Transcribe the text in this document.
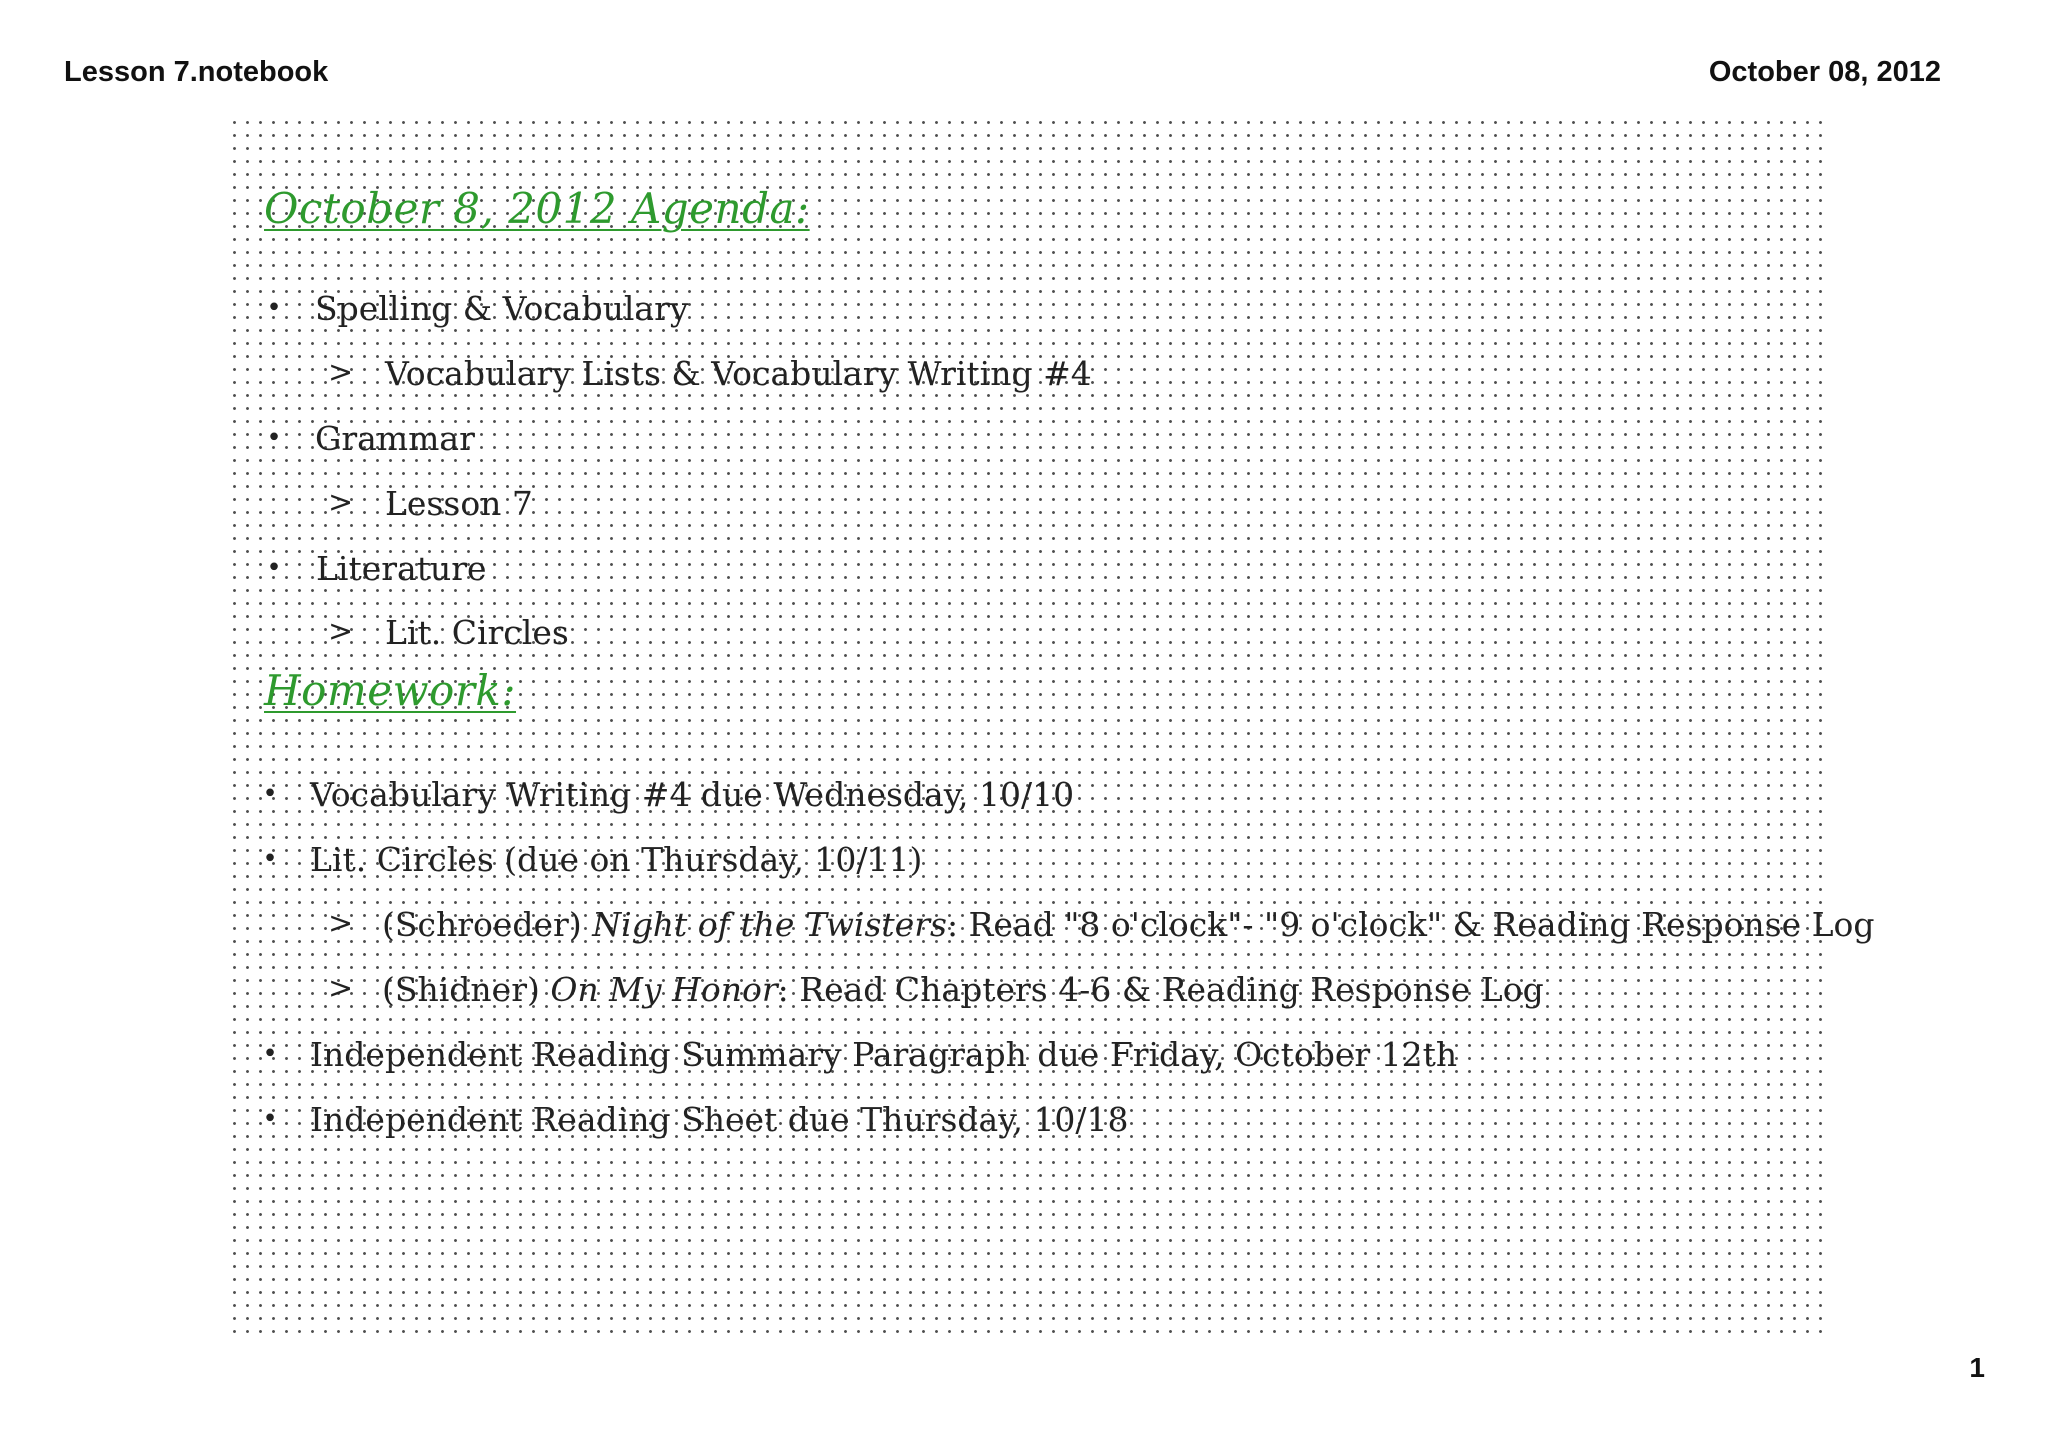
Lesson 7.notebook	October 08, 2012
October 8, 2012 Agenda:
• Spelling & Vocabulary
> Vocabulary Lists & Vocabulary Writing #4
• Grammar
> Lesson 7
• Literature
> Lit. Circles
Homework:
• Vocabulary Writing #4 due Wednesday, 10/10
• Lit. Circles (due on Thursday, 10/11)
> (Schroeder) Night of the Twisters: Read "8 o'clock"- "9 o'clock" & Reading Response Log
> (Shidner) On My Honor: Read Chapters 4-6 & Reading Response Log
• Independent Reading Summary Paragraph due Friday, October 12th
• Independent Reading Sheet due Thursday, 10/18
1
